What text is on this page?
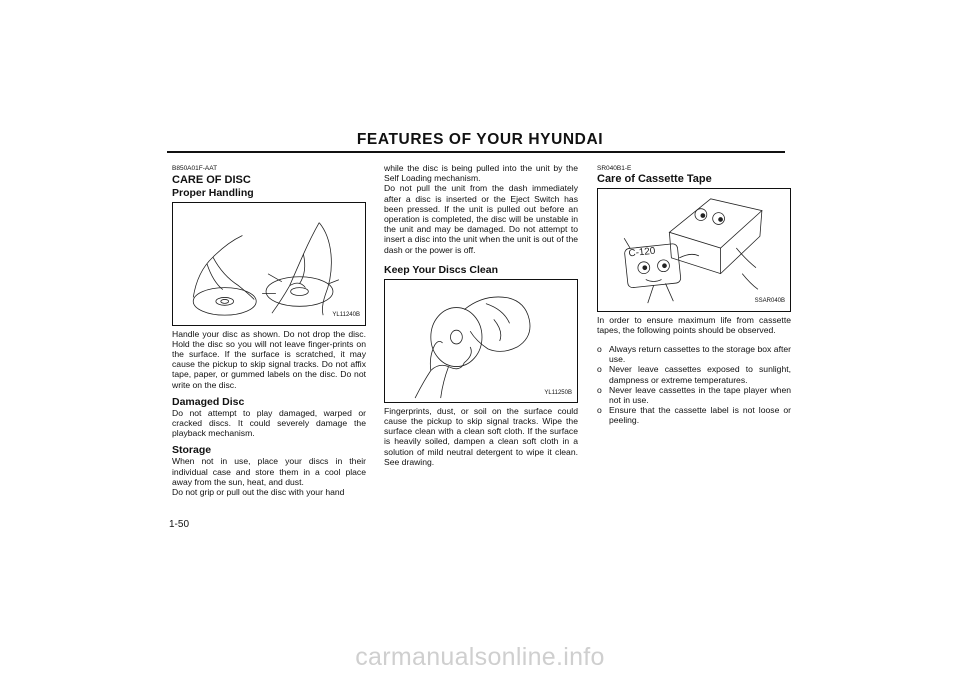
FEATURES OF YOUR HYUNDAI
B850A01F-AAT
CARE OF DISC
Proper Handling
YL11240B

Handle your disc as shown. Do not drop the disc. Hold the disc so you will not leave finger-prints on the surface. If the surface is scratched, it may cause the pickup to skip signal tracks. Do not affix tape, paper, or gummed labels on the disc. Do not write on the disc.

Damaged Disc

Do not attempt to play damaged, warped or cracked discs. It could severely damage the playback mechanism.

Storage

When not in use, place your discs in their individual case and store them in a cool place away from the sun, heat, and dust.

Do not grip or pull out the disc with your hand

while the disc is being pulled into the unit by the Self Loading mechanism.

Do not pull the unit from the dash immediately after a disc is inserted or the Eject Switch has been pressed. If the unit is pulled out before an operation is completed, the disc will be unstable in the unit and may be damaged. Do not attempt to insert a disc into the unit when the unit is out of the dash or the power is off.

Keep Your Discs Clean
YL11250B

Fingerprints, dust, or soil on the surface could cause the pickup to skip signal tracks. Wipe the surface clean with a clean soft cloth. If the surface is heavily soiled, dampen a clean soft cloth in a solution of mild neutral detergent to wipe it clean. See drawing.

SR040B1-E
Care of Cassette Tape
C-120
SSAR040B

In order to ensure maximum life from cassette tapes, the following points should be observed.

o Always return cassettes to the storage box after use.
o Never leave cassettes exposed to sunlight, dampness or extreme temperatures.
o Never leave cassettes in the tape player when not in use.
o Ensure that the cassette label is not loose or peeling.
1-50
carmanualsonline.info
